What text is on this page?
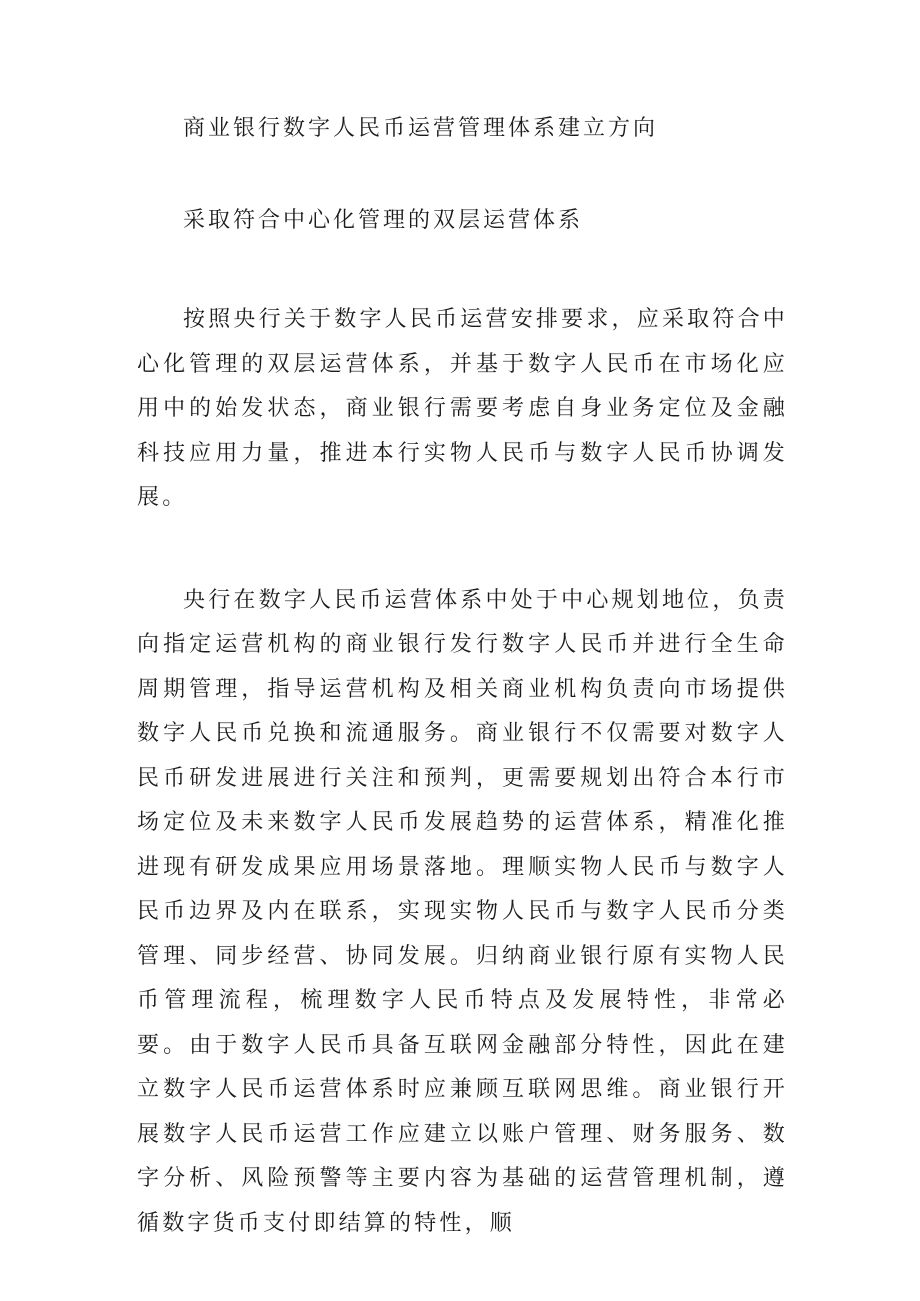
商业银行数字人民币运营管理体系建立方向
采取符合中心化管理的双层运营体系

按照央行关于数字人民币运营安排要求，应采取符合中心化管理的双层运营体系，并基于数字人民币在市场化应用中的始发状态，商业银行需要考虑自身业务定位及金融科技应用力量，推进本行实物人民币与数字人民币协调发展。

央行在数字人民币运营体系中处于中心规划地位，负责向指定运营机构的商业银行发行数字人民币并进行全生命周期管理，指导运营机构及相关商业机构负责向市场提供数字人民币兑换和流通服务。商业银行不仅需要对数字人民币研发进展进行关注和预判，更需要规划出符合本行市场定位及未来数字人民币发展趋势的运营体系，精准化推进现有研发成果应用场景落地。理顺实物人民币与数字人民币边界及内在联系，实现实物人民币与数字人民币分类管理、同步经营、协同发展。归纳商业银行原有实物人民币管理流程，梳理数字人民币特点及发展特性，非常必要。由于数字人民币具备互联网金融部分特性，因此在建立数字人民币运营体系时应兼顾互联网思维。商业银行开展数字人民币运营工作应建立以账户管理、财务服务、数字分析、风险预警等主要内容为基础的运营管理机制，遵循数字货币支付即结算的特性，顺
